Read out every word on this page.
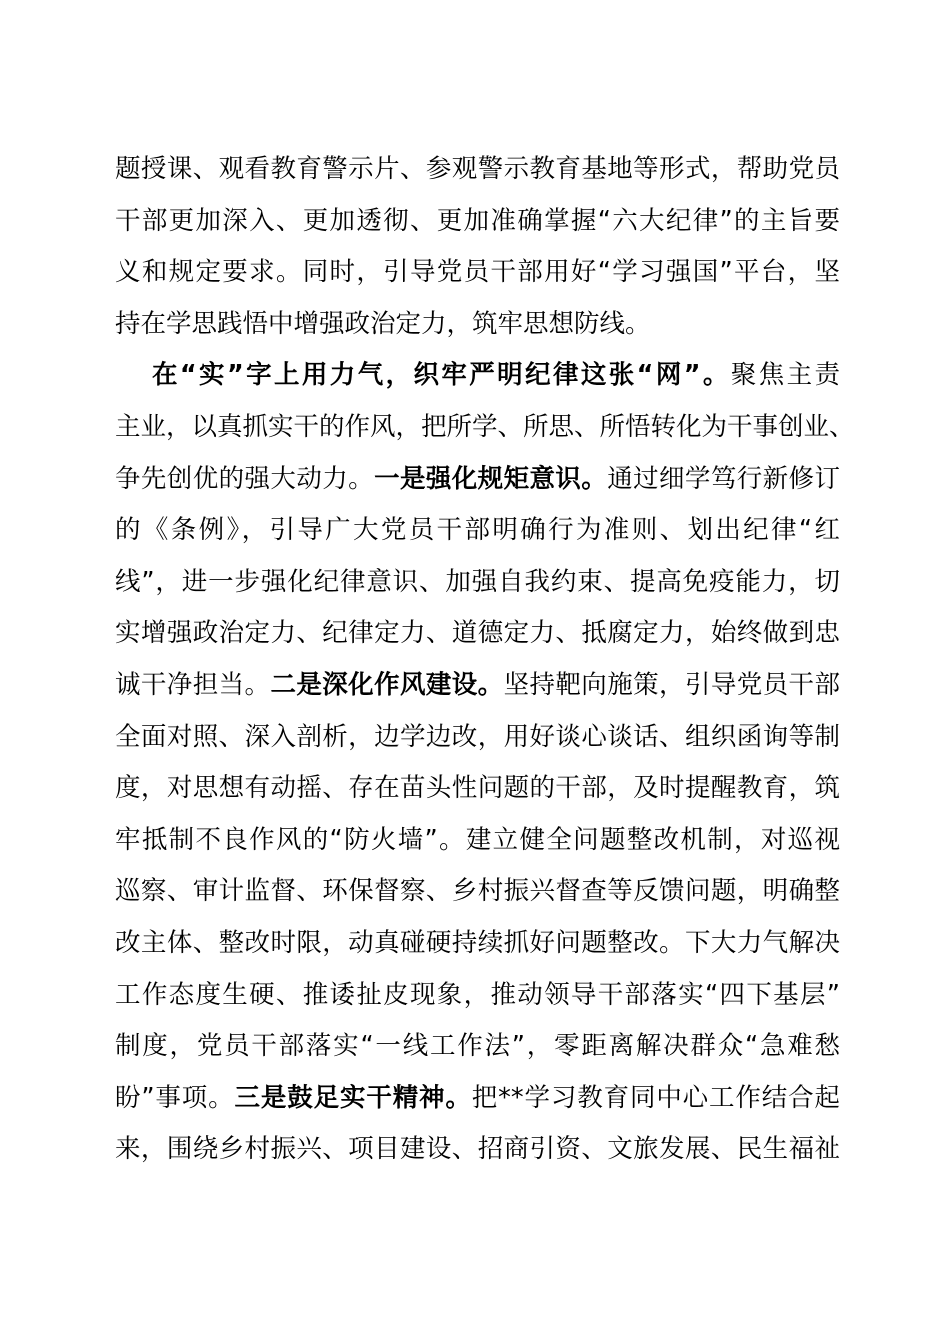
题授课、观看教育警示片、参观警示教育基地等形式，帮助党员
干部更加深入、更加透彻、更加准确掌握“六大纪律”的主旨要
义和规定要求。同时，引导党员干部用好“学习强国”平台，坚
持在学思践悟中增强政治定力，筑牢思想防线。
在“实”字上用力气，织牢严明纪律这张“网”。聚焦主责
主业，以真抓实干的作风，把所学、所思、所悟转化为干事创业、
争先创优的强大动力。一是强化规矩意识。通过细学笃行新修订
的《条例》，引导广大党员干部明确行为准则、划出纪律“红
线”，进一步强化纪律意识、加强自我约束、提高免疫能力，切
实增强政治定力、纪律定力、道德定力、抵腐定力，始终做到忠
诚干净担当。二是深化作风建设。坚持靶向施策，引导党员干部
全面对照、深入剖析，边学边改，用好谈心谈话、组织函询等制
度，对思想有动摇、存在苗头性问题的干部，及时提醒教育，筑
牢抵制不良作风的“防火墙”。建立健全问题整改机制，对巡视
巡察、审计监督、环保督察、乡村振兴督查等反馈问题，明确整
改主体、整改时限，动真碰硬持续抓好问题整改。下大力气解决
工作态度生硬、推诿扯皮现象，推动领导干部落实“四下基层”
制度，党员干部落实“一线工作法”，零距离解决群众“急难愁
盼”事项。三是鼓足实干精神。把**学习教育同中心工作结合起
来，围绕乡村振兴、项目建设、招商引资、文旅发展、民生福祉
